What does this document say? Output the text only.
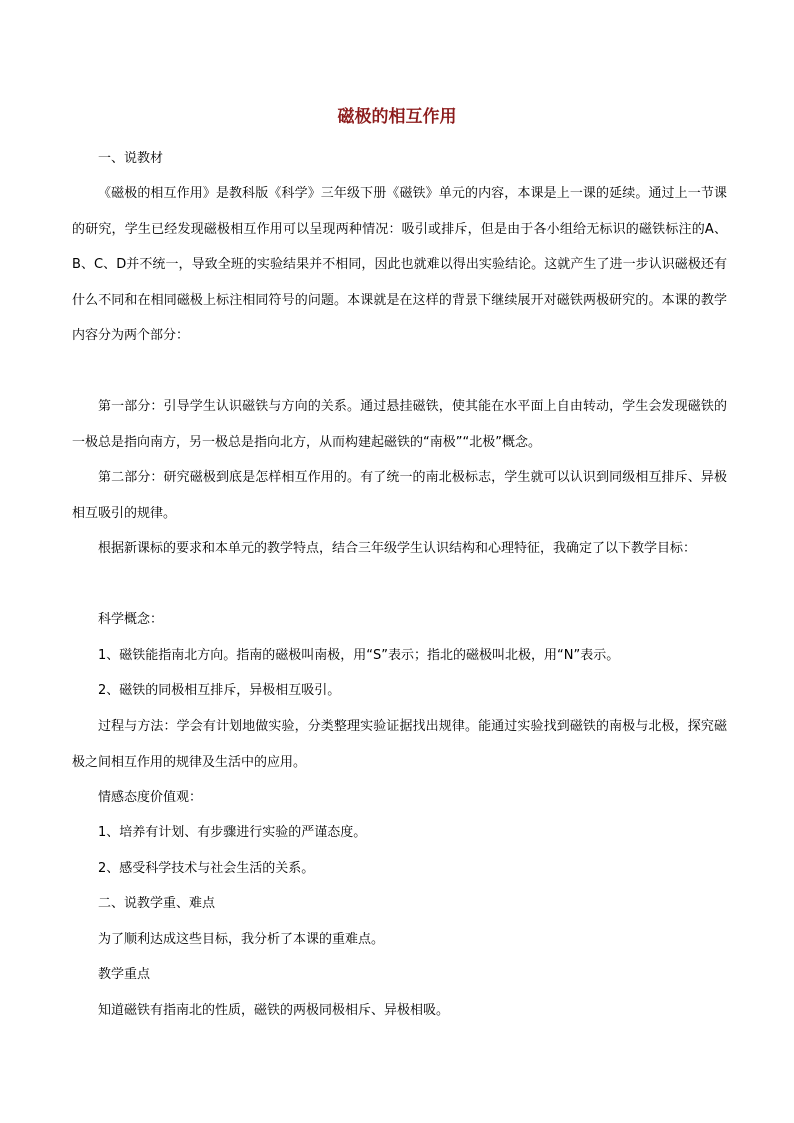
磁极的相互作用

一、说教材

《磁极的相互作用》是教科版《科学》三年级下册《磁铁》单元的内容，本课是上一课的延续。通过上一节课的研究，学生已经发现磁极相互作用可以呈现两种情况：吸引或排斥，但是由于各小组给无标识的磁铁标注的A、B、C、D并不统一，导致全班的实验结果并不相同，因此也就难以得出实验结论。这就产生了进一步认识磁极还有什么不同和在相同磁极上标注相同符号的问题。本课就是在这样的背景下继续展开对磁铁两极研究的。本课的教学内容分为两个部分：

第一部分：引导学生认识磁铁与方向的关系。通过悬挂磁铁，使其能在水平面上自由转动，学生会发现磁铁的一极总是指向南方，另一极总是指向北方，从而构建起磁铁的“南极”“北极”概念。

第二部分：研究磁极到底是怎样相互作用的。有了统一的南北极标志，学生就可以认识到同级相互排斥、异极相互吸引的规律。

根据新课标的要求和本单元的教学特点，结合三年级学生认识结构和心理特征，我确定了以下教学目标：

科学概念：

1、磁铁能指南北方向。指南的磁极叫南极，用“S”表示；指北的磁极叫北极，用“N”表示。

2、磁铁的同极相互排斥，异极相互吸引。

过程与方法：学会有计划地做实验，分类整理实验证据找出规律。能通过实验找到磁铁的南极与北极，探究磁极之间相互作用的规律及生活中的应用。

情感态度价值观：

1、培养有计划、有步骤进行实验的严谨态度。

2、感受科学技术与社会生活的关系。

二、说教学重、难点

为了顺利达成这些目标，我分析了本课的重难点。

教学重点

知道磁铁有指南北的性质，磁铁的两极同极相斥、异极相吸。
